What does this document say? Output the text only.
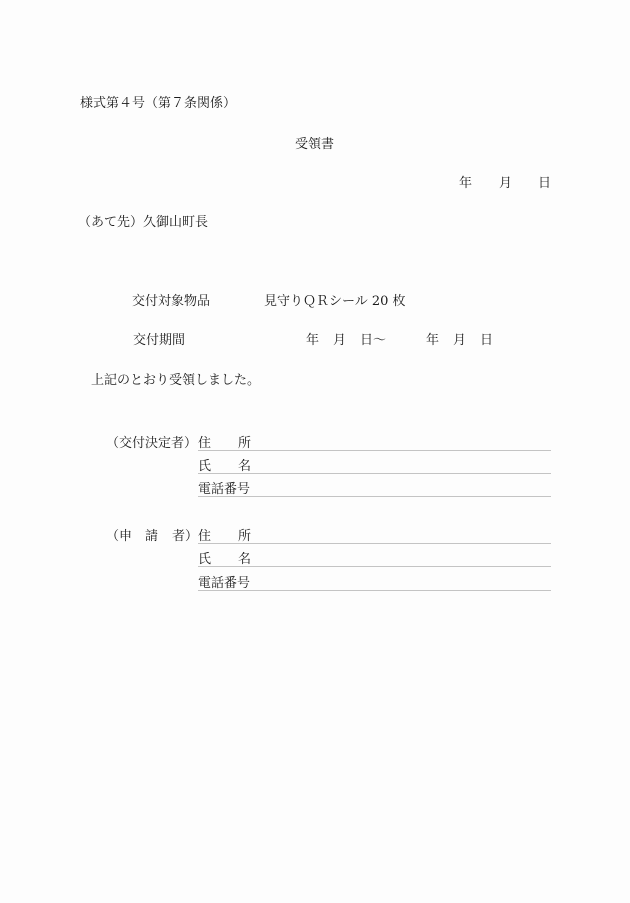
様式第４号（第７条関係）
受領書
年 月 日
（あて先）久御山町長
交付対象物品	見守りＱＲシール 20 枚
交付期間	年 月 日～	年 月 日
上記のとおり受領しました。
（交付決定者） 住 所
氏 名
電話番号
（申 請 者） 住 所
氏 名
電話番号
